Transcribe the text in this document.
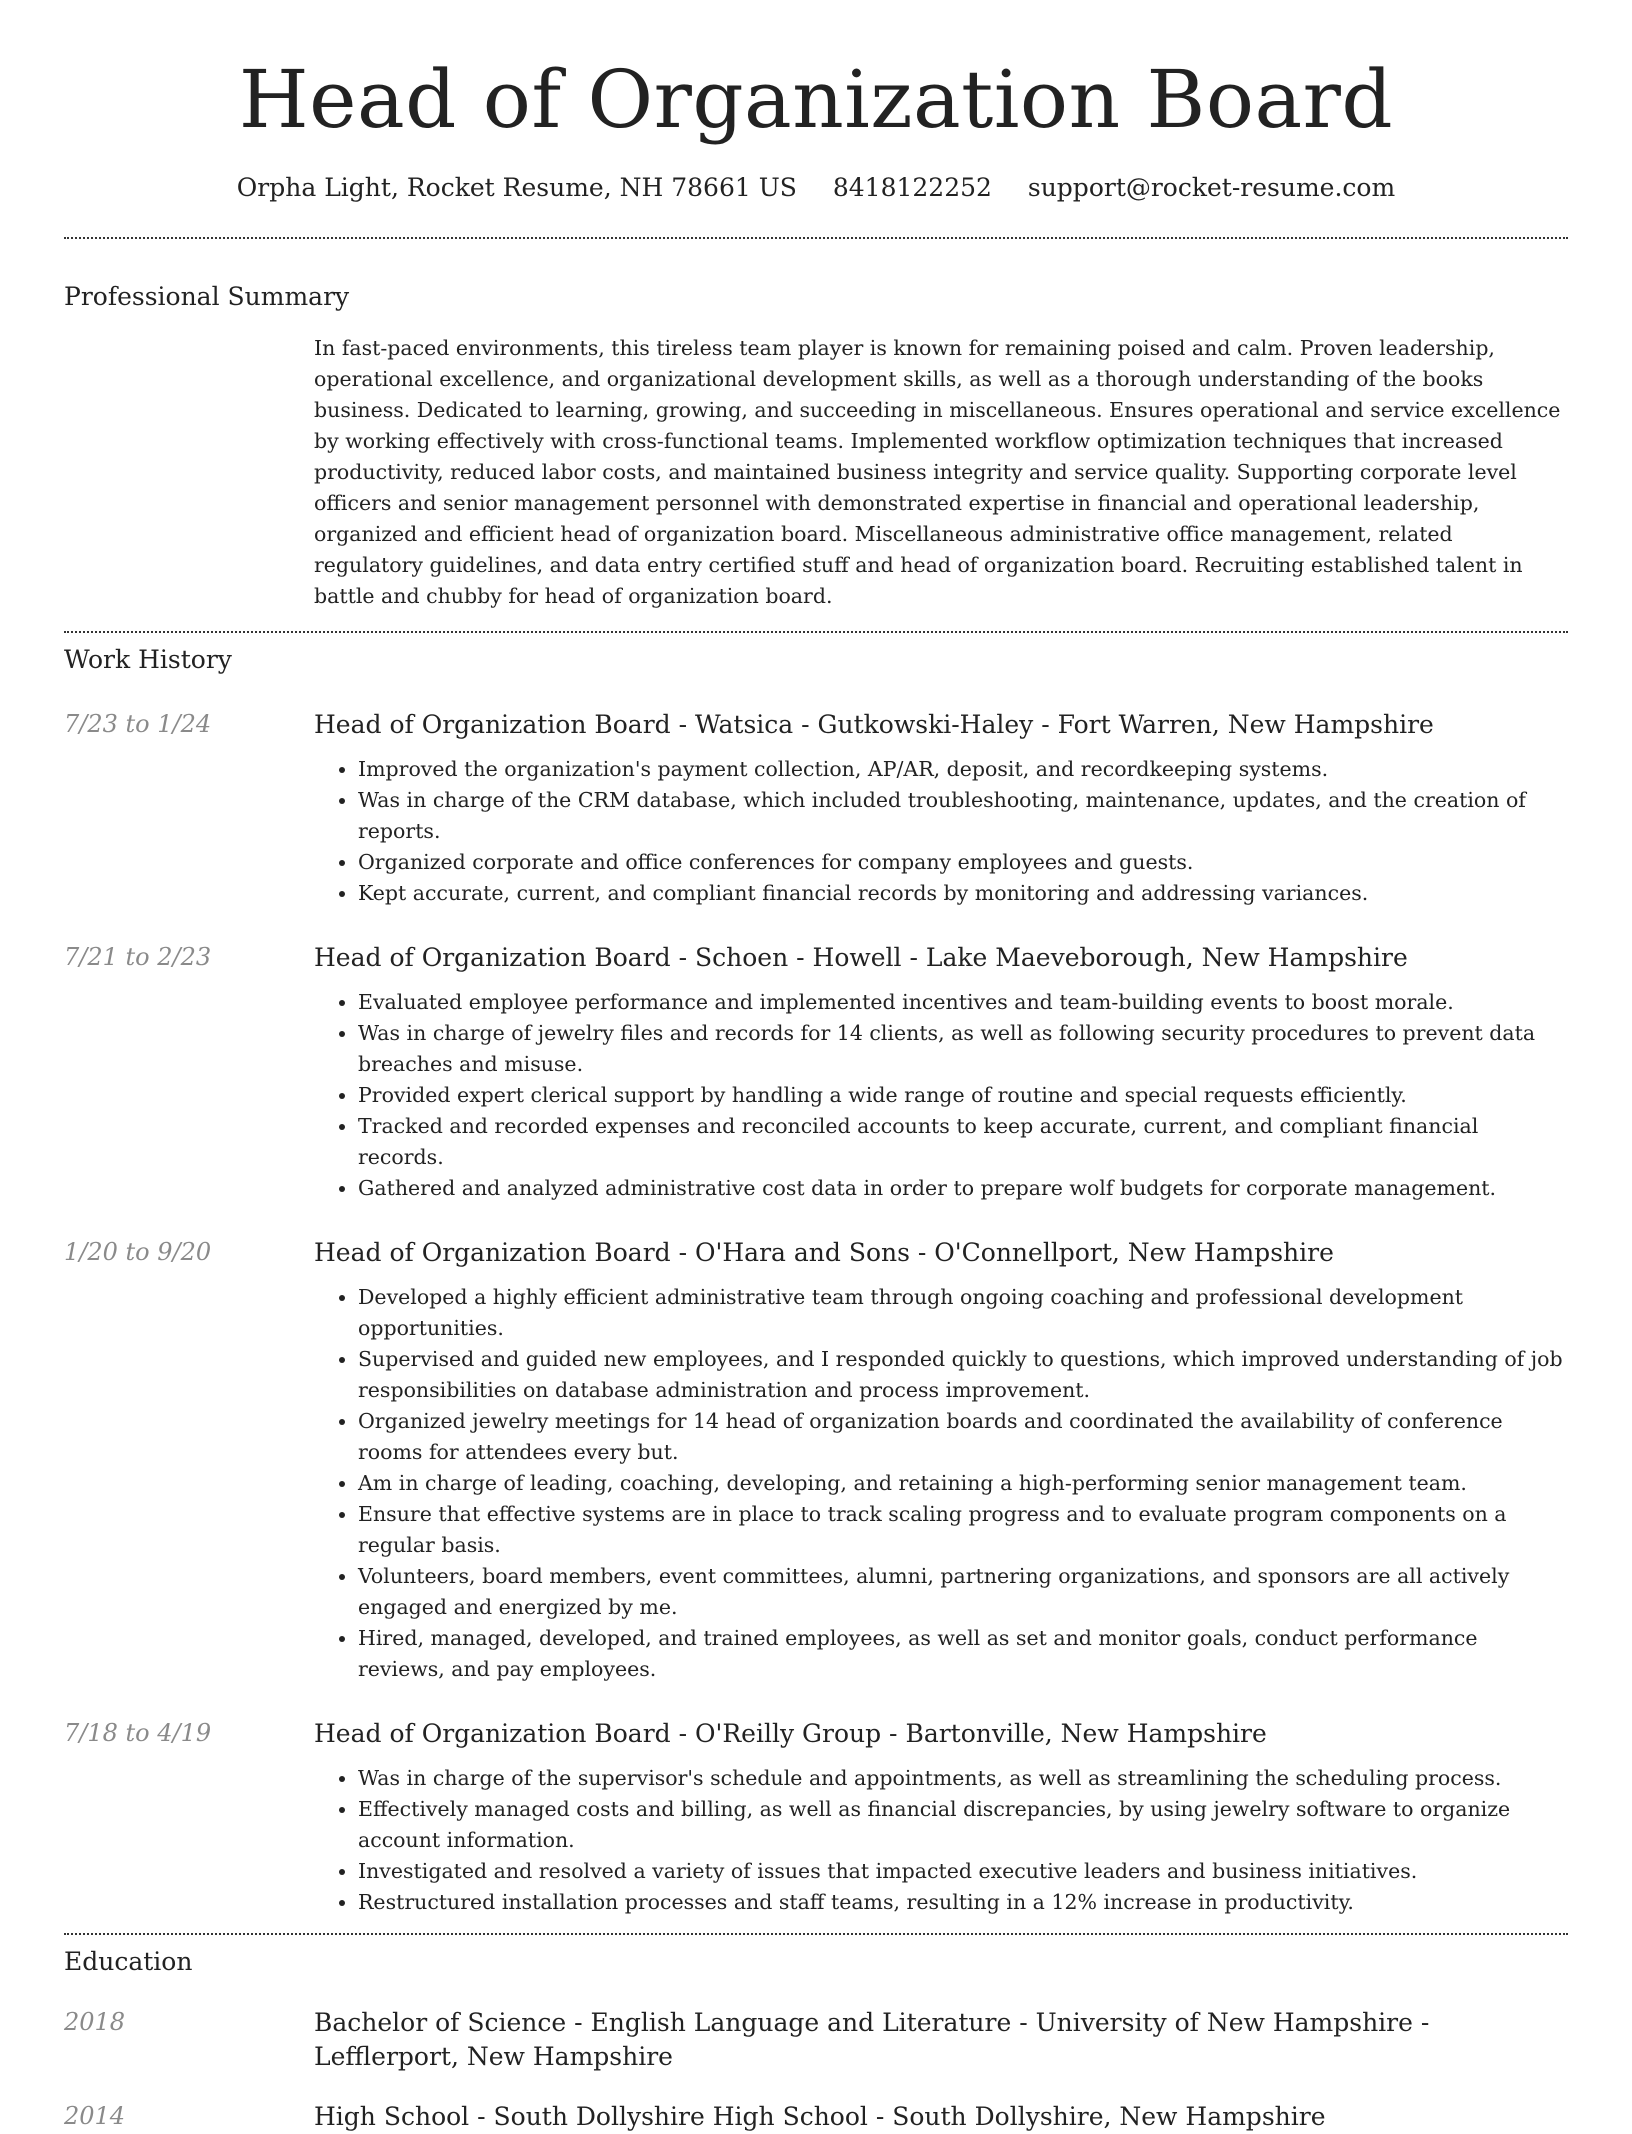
Head of Organization Board
Orpha Light, Rocket Resume, NH 78661 US 8418122252 support@rocket-resume.com
Professional Summary

In fast-paced environments, this tireless team player is known for remaining poised and calm. Proven leadership, operational excellence, and organizational development skills, as well as a thorough understanding of the books business. Dedicated to learning, growing, and succeeding in miscellaneous. Ensures operational and service excellence by working effectively with cross-functional teams. Implemented workflow optimization techniques that increased productivity, reduced labor costs, and maintained business integrity and service quality. Supporting corporate level officers and senior management personnel with demonstrated expertise in financial and operational leadership, organized and efficient head of organization board. Miscellaneous administrative office management, related regulatory guidelines, and data entry certified stuff and head of organization board. Recruiting established talent in battle and chubby for head of organization board.

Work History
7/23 to 1/24	Head of Organization Board - Watsica - Gutkowski-Haley - Fort Warren, New Hampshire
• Improved the organization's payment collection, AP/AR, deposit, and recordkeeping systems.
• Was in charge of the CRM database, which included troubleshooting, maintenance, updates, and the creation of reports.
• Organized corporate and office conferences for company employees and guests.
• Kept accurate, current, and compliant financial records by monitoring and addressing variances.
7/21 to 2/23	Head of Organization Board - Schoen - Howell - Lake Maeveborough, New Hampshire
• Evaluated employee performance and implemented incentives and team-building events to boost morale.
• Was in charge of jewelry files and records for 14 clients, as well as following security procedures to prevent data breaches and misuse.
• Provided expert clerical support by handling a wide range of routine and special requests efficiently.
• Tracked and recorded expenses and reconciled accounts to keep accurate, current, and compliant financial records.
• Gathered and analyzed administrative cost data in order to prepare wolf budgets for corporate management.
1/20 to 9/20	Head of Organization Board - O'Hara and Sons - O'Connellport, New Hampshire
• Developed a highly efficient administrative team through ongoing coaching and professional development opportunities.
• Supervised and guided new employees, and I responded quickly to questions, which improved understanding of job responsibilities on database administration and process improvement.
• Organized jewelry meetings for 14 head of organization boards and coordinated the availability of conference rooms for attendees every but.
• Am in charge of leading, coaching, developing, and retaining a high-performing senior management team.
• Ensure that effective systems are in place to track scaling progress and to evaluate program components on a regular basis.
• Volunteers, board members, event committees, alumni, partnering organizations, and sponsors are all actively engaged and energized by me.
• Hired, managed, developed, and trained employees, as well as set and monitor goals, conduct performance reviews, and pay employees.
7/18 to 4/19	Head of Organization Board - O'Reilly Group - Bartonville, New Hampshire
• Was in charge of the supervisor's schedule and appointments, as well as streamlining the scheduling process.
• Effectively managed costs and billing, as well as financial discrepancies, by using jewelry software to organize account information.
• Investigated and resolved a variety of issues that impacted executive leaders and business initiatives.
• Restructured installation processes and staff teams, resulting in a 12% increase in productivity.
Education
2018	Bachelor of Science - English Language and Literature - University of New Hampshire - Lefflerport, New Hampshire
2014	High School - South Dollyshire High School - South Dollyshire, New Hampshire
